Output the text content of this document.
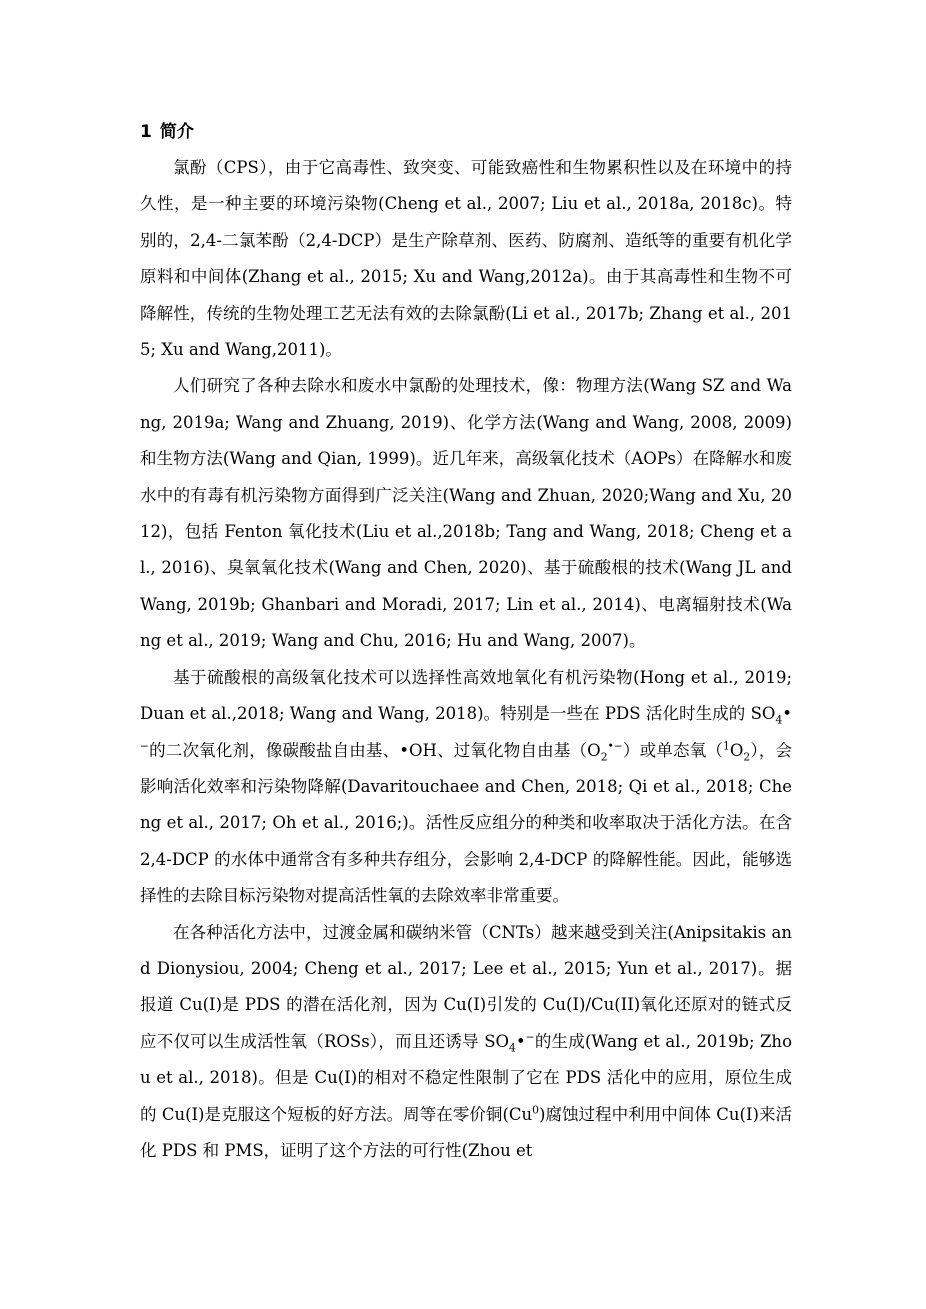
1 简介

氯酚（CPS），由于它高毒性、致突变、可能致癌性和生物累积性以及在环境中的持久性，是一种主要的环境污染物(Cheng et al., 2007; Liu et al., 2018a, 2018c)。特别的，2,4-二氯苯酚（2,4-DCP）是生产除草剂、医药、防腐剂、造纸等的重要有机化学原料和中间体(Zhang et al., 2015; Xu and Wang,2012a)。由于其高毒性和生物不可降解性，传统的生物处理工艺无法有效的去除氯酚(Li et al., 2017b; Zhang et al., 2015; Xu and Wang,2011)。

人们研究了各种去除水和废水中氯酚的处理技术，像：物理方法(Wang SZ and Wang, 2019a; Wang and Zhuang, 2019)、化学方法(Wang and Wang, 2008, 2009)和生物方法(Wang and Qian, 1999)。近几年来，高级氧化技术（AOPs）在降解水和废水中的有毒有机污染物方面得到广泛关注(Wang and Zhuan, 2020;Wang and Xu, 2012)，包括 Fenton 氧化技术(Liu et al.,2018b; Tang and Wang, 2018; Cheng et al., 2016)、臭氧氧化技术(Wang and Chen, 2020)、基于硫酸根的技术(Wang JL and Wang, 2019b; Ghanbari and Moradi, 2017; Lin et al., 2014)、电离辐射技术(Wang et al., 2019; Wang and Chu, 2016; Hu and Wang, 2007)。

基于硫酸根的高级氧化技术可以选择性高效地氧化有机污染物(Hong et al., 2019; Duan et al.,2018; Wang and Wang, 2018)。特别是一些在 PDS 活化时生成的 $SO_4•^-$的二次氧化剂，像碳酸盐自由基、•OH、过氧化物自由基$(O_2^{•-})$或单态氧$(^1O_2)$，会影响活化效率和污染物降解(Davaritouchaee and Chen, 2018; Qi et al., 2018; Cheng et al., 2017; Oh et al., 2016;)。活性反应组分的种类和收率取决于活化方法。在含 2,4-DCP 的水体中通常含有多种共存组分，会影响 2,4-DCP 的降解性能。因此，能够选择性的去除目标污染物对提高活性氧的去除效率非常重要。

在各种活化方法中，过渡金属和碳纳米管（CNTs）越来越受到关注(Anipsitakis and Dionysiou, 2004; Cheng et al., 2017; Lee et al., 2015; Yun et al., 2017)。据报道 Cu(I)是 PDS 的潜在活化剂，因为 Cu(I)引发的 Cu(I)/Cu(II)氧化还原对的链式反应不仅可以生成活性氧（ROSs），而且还诱导 $SO_4•^-$的生成(Wang et al., 2019b; Zhou et al., 2018)。但是 Cu(I)的相对不稳定性限制了它在 PDS 活化中的应用，原位生成的 Cu(I)是克服这个短板的好方法。周等在零价铜(Cu$^0$)腐蚀过程中利用中间体 Cu(I)来活化 PDS 和 PMS，证明了这个方法的可行性(Zhou et
